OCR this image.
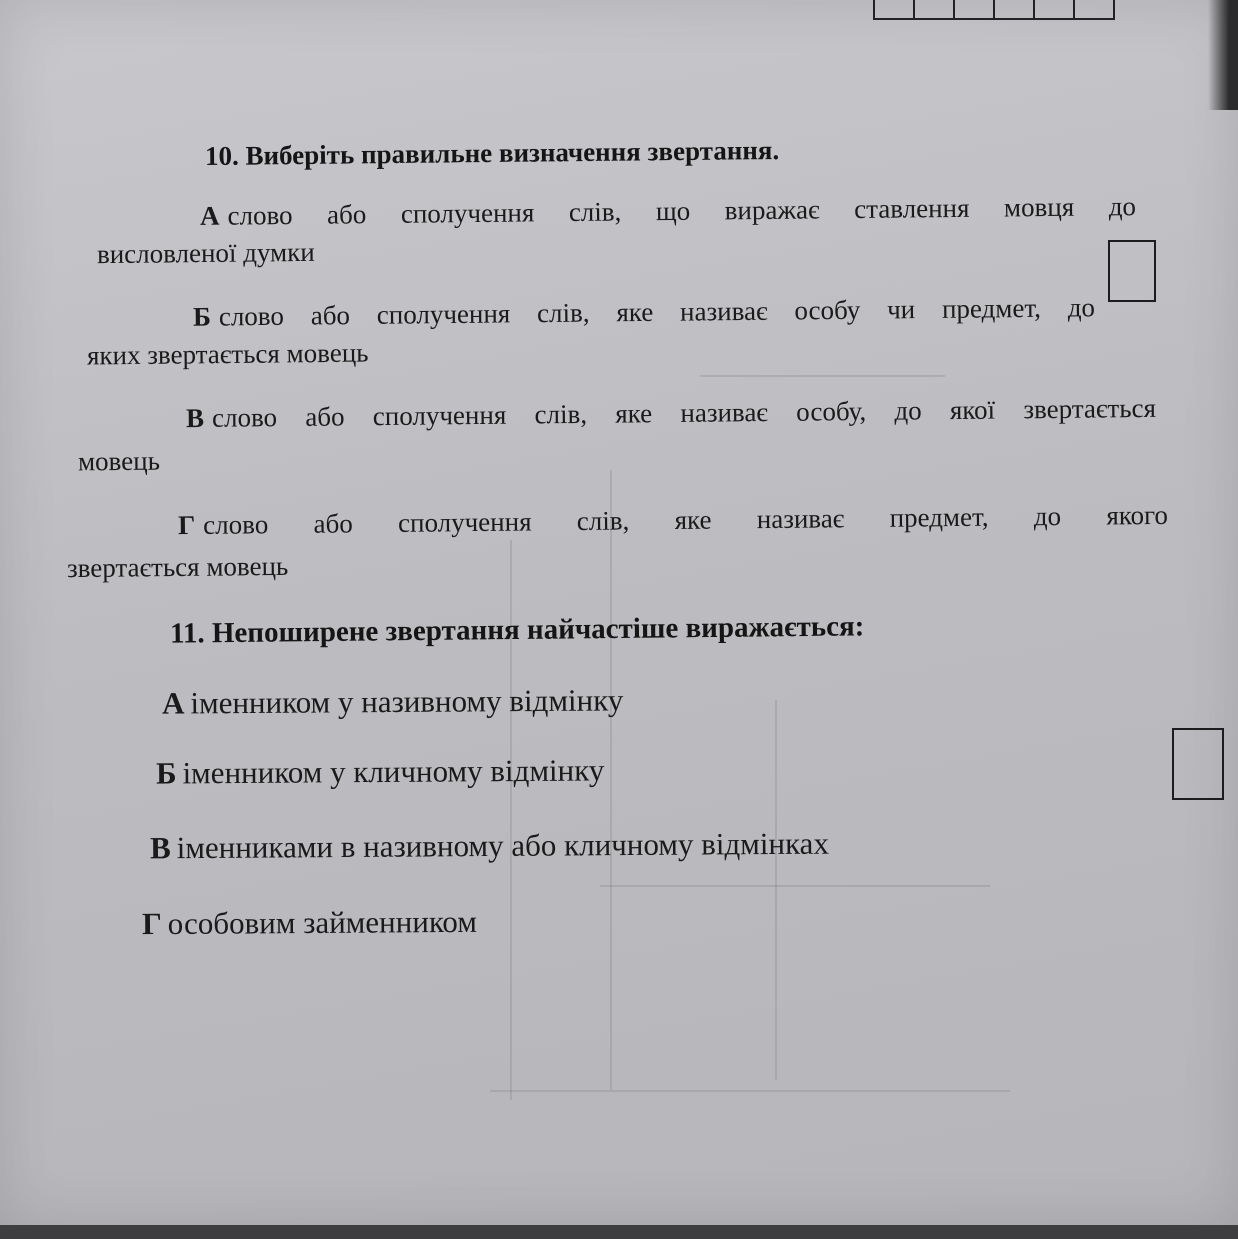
10. Виберіть правильне визначення звертання.
А слово або сполучення слів, що виражає ставлення мовця до
висловленої думки
Б слово або сполучення слів, яке називає особу чи предмет, до
яких звертається мовець
В слово або сполучення слів, яке називає особу, до якої звертається
мовець
Г слово або сполучення слів, яке називає предмет, до якого
звертається мовець
11. Непоширене звертання найчастіше виражається:
А іменником у називному відмінку
Б іменником у кличному відмінку
В іменниками в називному або кличному відмінках
Г особовим займенником
